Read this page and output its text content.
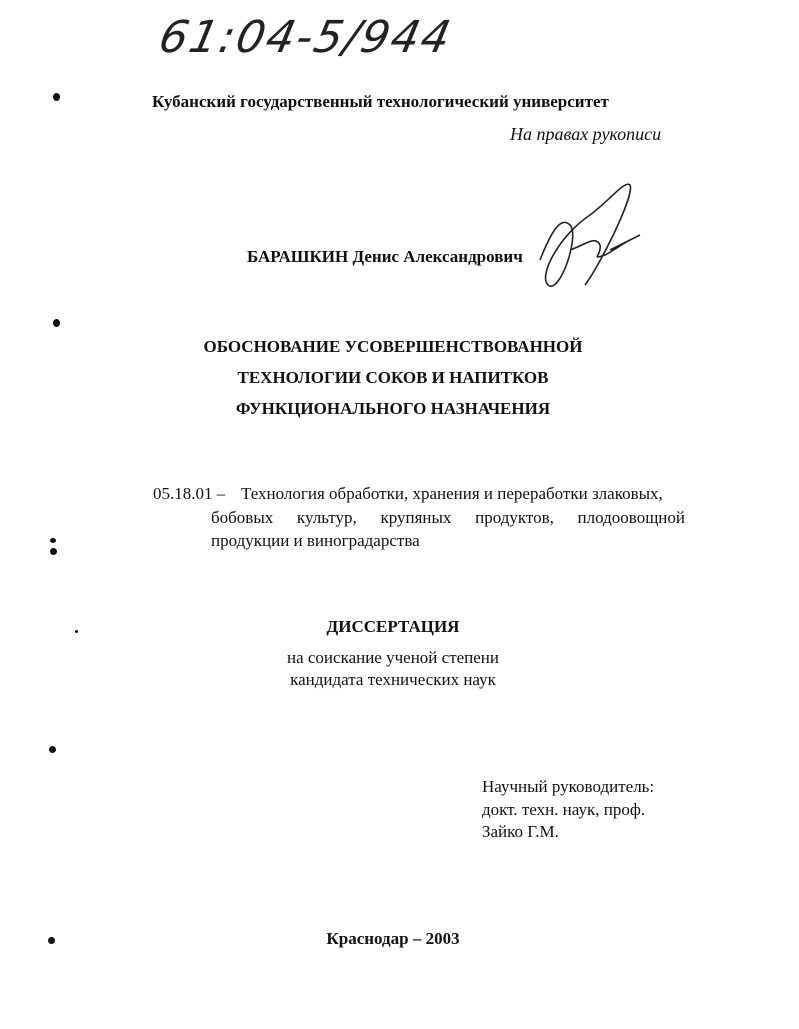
61:04-5/944
Кубанский государственный технологический университет
На правах рукописи
БАРАШКИН Денис Александрович
ОБОСНОВАНИЕ УСОВЕРШЕНСТВОВАННОЙ
ТЕХНОЛОГИИ СОКОВ И НАПИТКОВ
ФУНКЦИОНАЛЬНОГО НАЗНАЧЕНИЯ
05.18.01 – Технология обработки, хранения и переработки злаковых,
бобовых культур, крупяных продуктов, плодоовощной
продукции и виноградарства
ДИССЕРТАЦИЯ
на соискание ученой степени
кандидата технических наук
Научный руководитель:
докт. техн. наук, проф.
Зайко Г.М.
Краснодар – 2003
